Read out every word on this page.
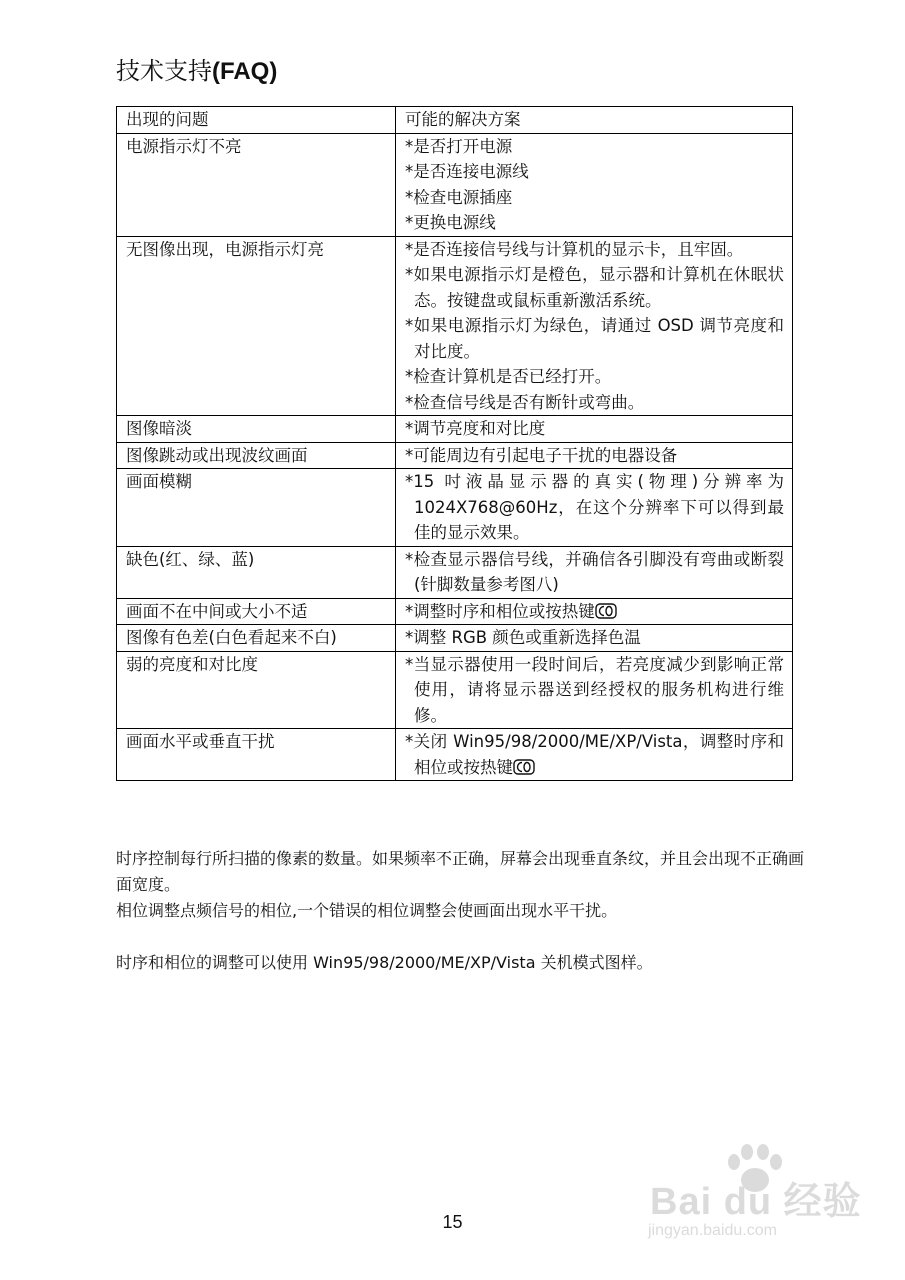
技术支持(FAQ)
出现的问题	可能的解决方案
电源指示灯不亮	*是否打开电源
*是否连接电源线
*检查电源插座
*更换电源线

无图像出现，电源指示灯亮	*是否连接信号线与计算机的显示卡，且牢固。
*如果电源指示灯是橙色，显示器和计算机在休眠状态。按键盘或鼠标重新激活系统。
*如果电源指示灯为绿色，请通过 OSD 调节亮度和对比度。
*检查计算机是否已经打开。
*检查信号线是否有断针或弯曲。

图像暗淡	*调节亮度和对比度

图像跳动或出现波纹画面	*可能周边有引起电子干扰的电器设备

画面模糊	*15 吋液晶显示器的真实(物理)分辨率为 1024X768@60Hz，在这个分辨率下可以得到最佳的显示效果。

缺色(红、绿、蓝)	*检查显示器信号线，并确信各引脚没有弯曲或断裂(针脚数量参考图八)

画面不在中间或大小不适	*调整时序和相位或按热键

图像有色差(白色看起来不白)	*调整 RGB 颜色或重新选择色温

弱的亮度和对比度	*当显示器使用一段时间后，若亮度减少到影响正常使用，请将显示器送到经授权的服务机构进行维修。

画面水平或垂直干扰	*关闭 Win95/98/2000/ME/XP/Vista，调整时序和 相位或按热键

时序控制每行所扫描的像素的数量。如果频率不正确，屏幕会出现垂直条纹，并且会出现不正确画面宽度。

相位调整点频信号的相位,一个错误的相位调整会使画面出现水平干扰。

时序和相位的调整可以使用 Win95/98/2000/ME/XP/Vista 关机模式图样。

Bai du 经验
jingyan.baidu.com
15
